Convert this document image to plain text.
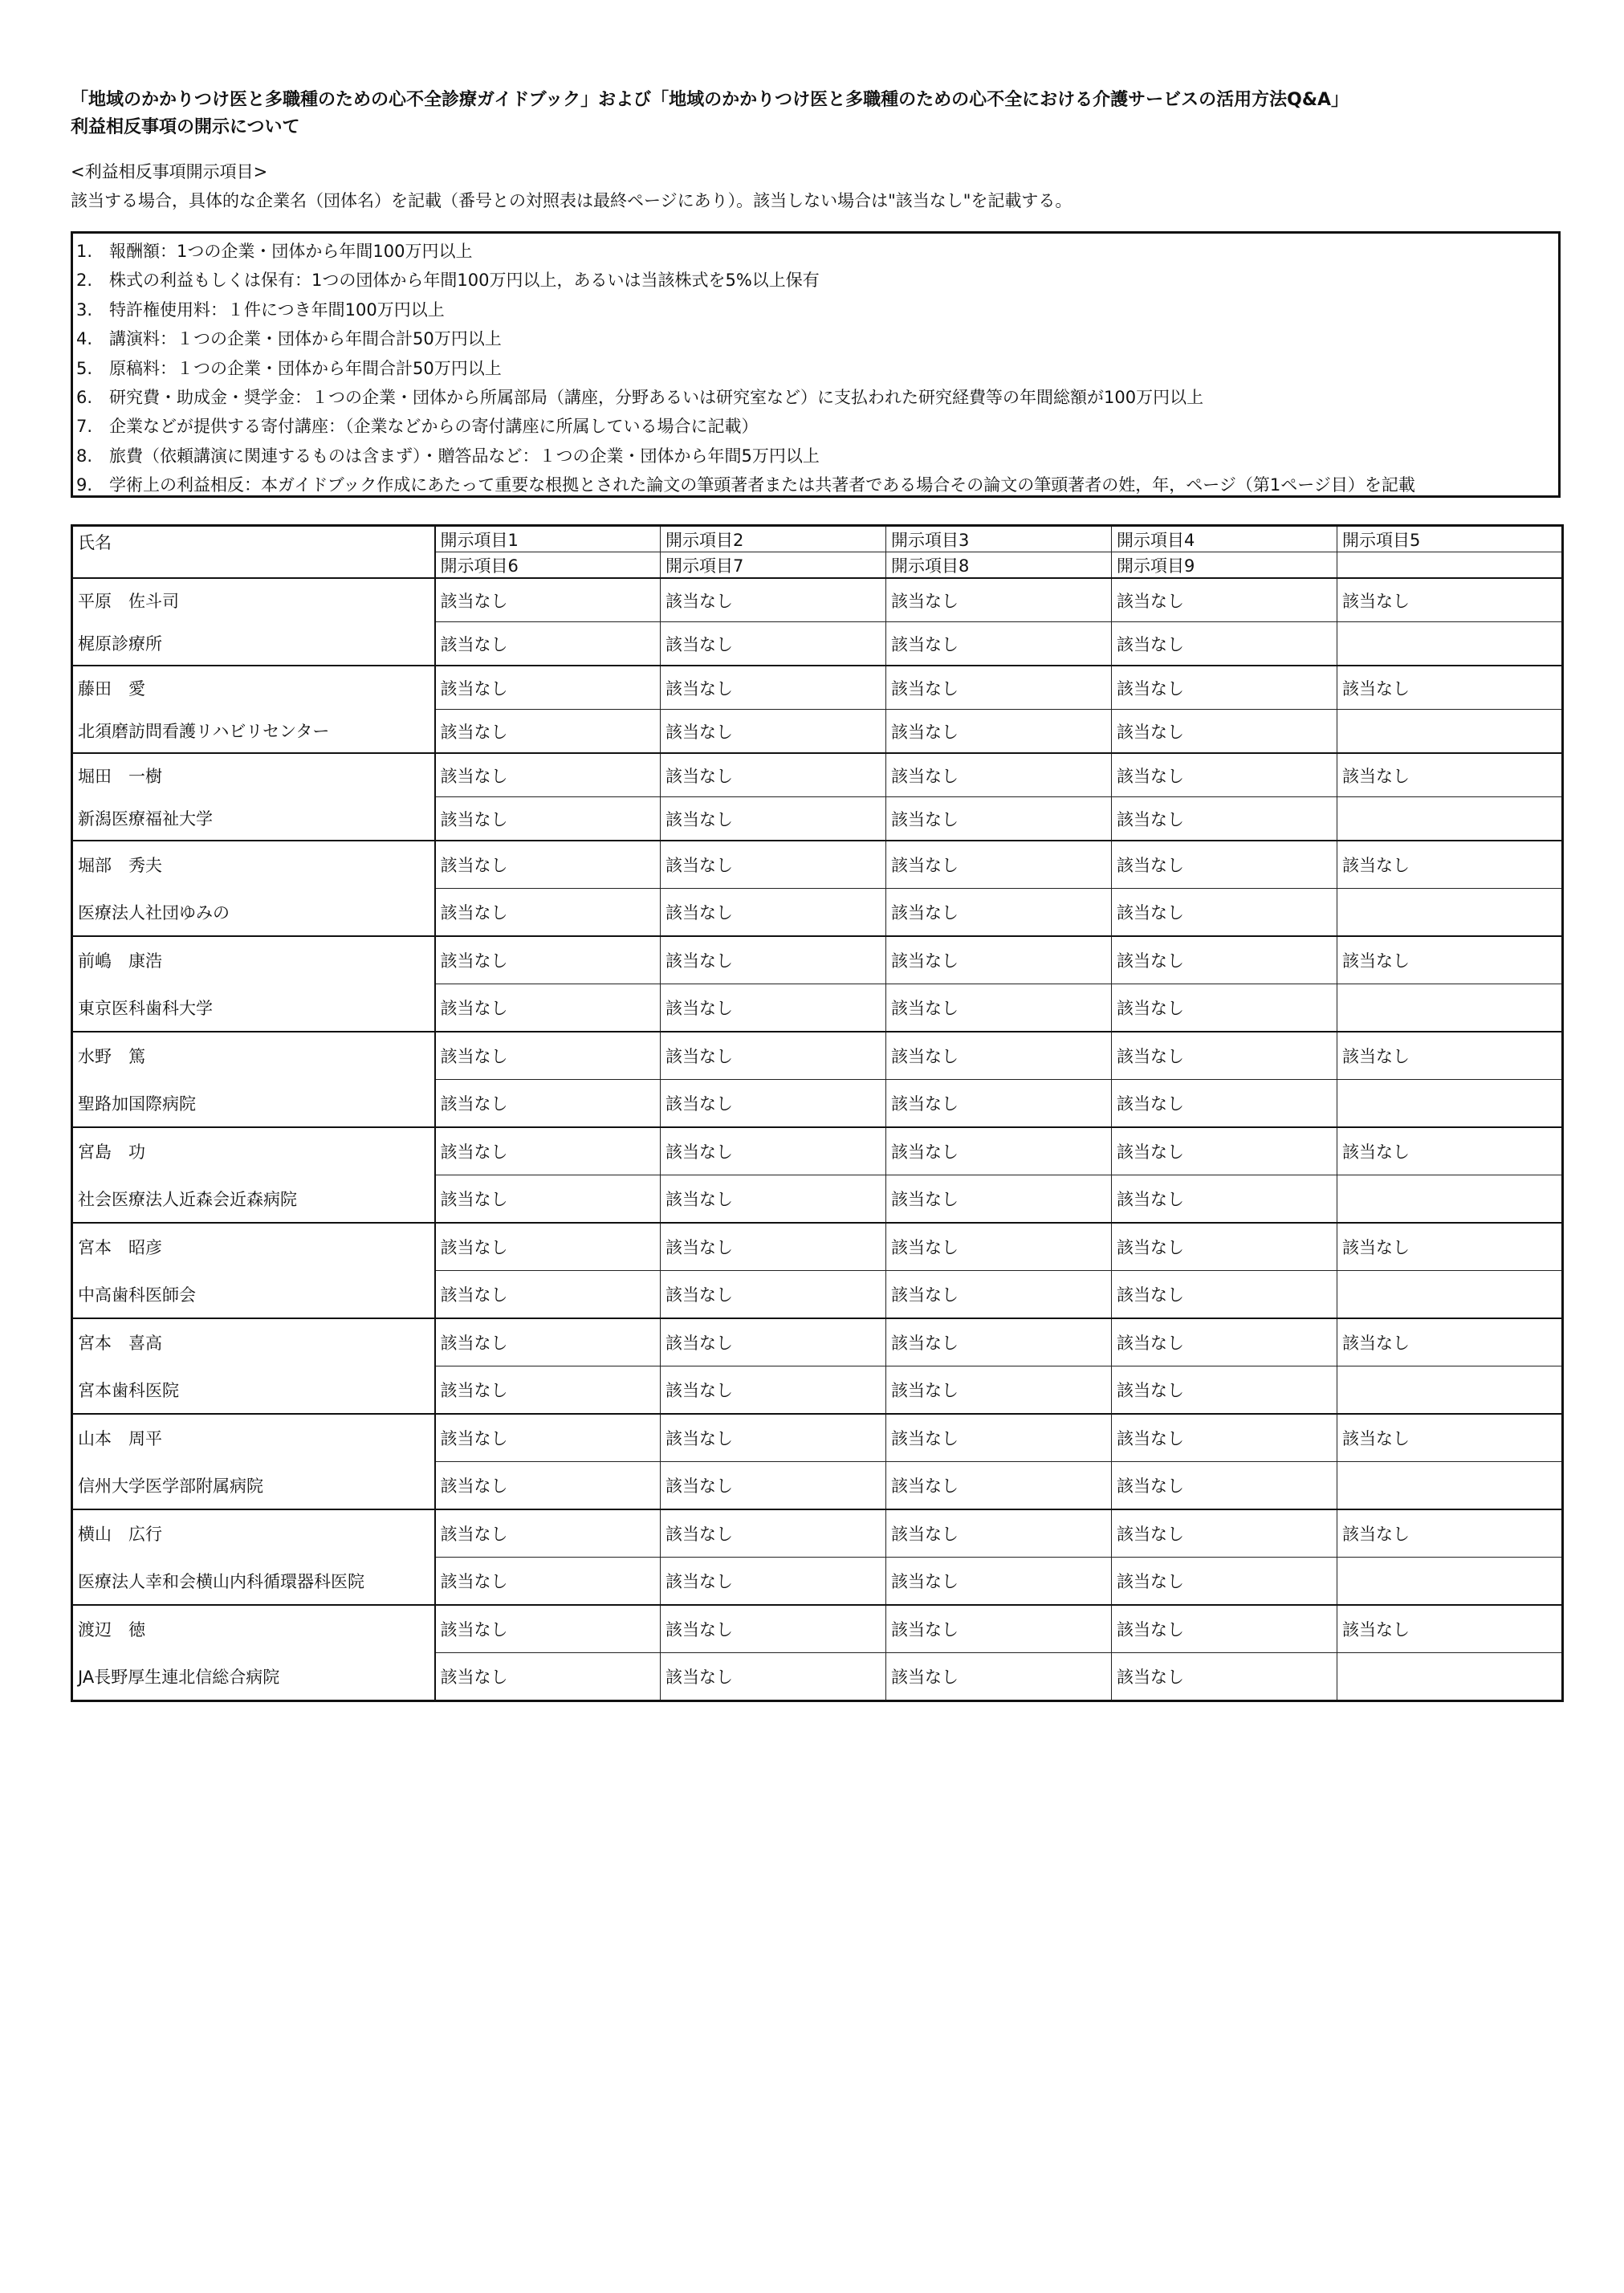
「地域のかかりつけ医と多職種のための心不全診療ガイドブック」および「地域のかかりつけ医と多職種のための心不全における介護サービスの活用方法Q&A」
利益相反事項の開示について
<利益相反事項開示項目>
該当する場合，具体的な企業名（団体名）を記載（番号との対照表は最終ページにあり）。該当しない場合は"該当なし"を記載する。
1.　報酬額：1つの企業・団体から年間100万円以上
2.　株式の利益もしくは保有：1つの団体から年間100万円以上，あるいは当該株式を5%以上保有
3.　特許権使用料：１件につき年間100万円以上
4.　講演料：１つの企業・団体から年間合計50万円以上
5.　原稿料：１つの企業・団体から年間合計50万円以上
6.　研究費・助成金・奨学金：１つの企業・団体から所属部局（講座，分野あるいは研究室など）に支払われた研究経費等の年間総額が100万円以上
7.　企業などが提供する寄付講座：（企業などからの寄付講座に所属している場合に記載）
8.　旅費（依頼講演に関連するものは含まず）・贈答品など：１つの企業・団体から年間5万円以上
9.　学術上の利益相反：本ガイドブック作成にあたって重要な根拠とされた論文の筆頭著者または共著者である場合その論文の筆頭著者の姓，年，ページ（第1ページ目）を記載
氏名	開示項目1	開示項目2	開示項目3	開示項目4	開示項目5
	開示項目6	開示項目7	開示項目8	開示項目9	
平原　佐斗司	該当なし	該当なし	該当なし	該当なし	該当なし
梶原診療所	該当なし	該当なし	該当なし	該当なし	
藤田　愛	該当なし	該当なし	該当なし	該当なし	該当なし
北須磨訪問看護リハビリセンター	該当なし	該当なし	該当なし	該当なし	
堀田　一樹	該当なし	該当なし	該当なし	該当なし	該当なし
新潟医療福祉大学	該当なし	該当なし	該当なし	該当なし	
堀部　秀夫	該当なし	該当なし	該当なし	該当なし	該当なし
医療法人社団ゆみの	該当なし	該当なし	該当なし	該当なし	
前嶋　康浩	該当なし	該当なし	該当なし	該当なし	該当なし
東京医科歯科大学	該当なし	該当なし	該当なし	該当なし	
水野　篤	該当なし	該当なし	該当なし	該当なし	該当なし
聖路加国際病院	該当なし	該当なし	該当なし	該当なし	
宮島　功	該当なし	該当なし	該当なし	該当なし	該当なし
社会医療法人近森会近森病院	該当なし	該当なし	該当なし	該当なし	
宮本　昭彦	該当なし	該当なし	該当なし	該当なし	該当なし
中高歯科医師会	該当なし	該当なし	該当なし	該当なし	
宮本　喜高	該当なし	該当なし	該当なし	該当なし	該当なし
宮本歯科医院	該当なし	該当なし	該当なし	該当なし	
山本　周平	該当なし	該当なし	該当なし	該当なし	該当なし
信州大学医学部附属病院	該当なし	該当なし	該当なし	該当なし	
横山　広行	該当なし	該当なし	該当なし	該当なし	該当なし
医療法人幸和会横山内科循環器科医院	該当なし	該当なし	該当なし	該当なし	
渡辺　徳	該当なし	該当なし	該当なし	該当なし	該当なし
JA長野厚生連北信総合病院	該当なし	該当なし	該当なし	該当なし	
